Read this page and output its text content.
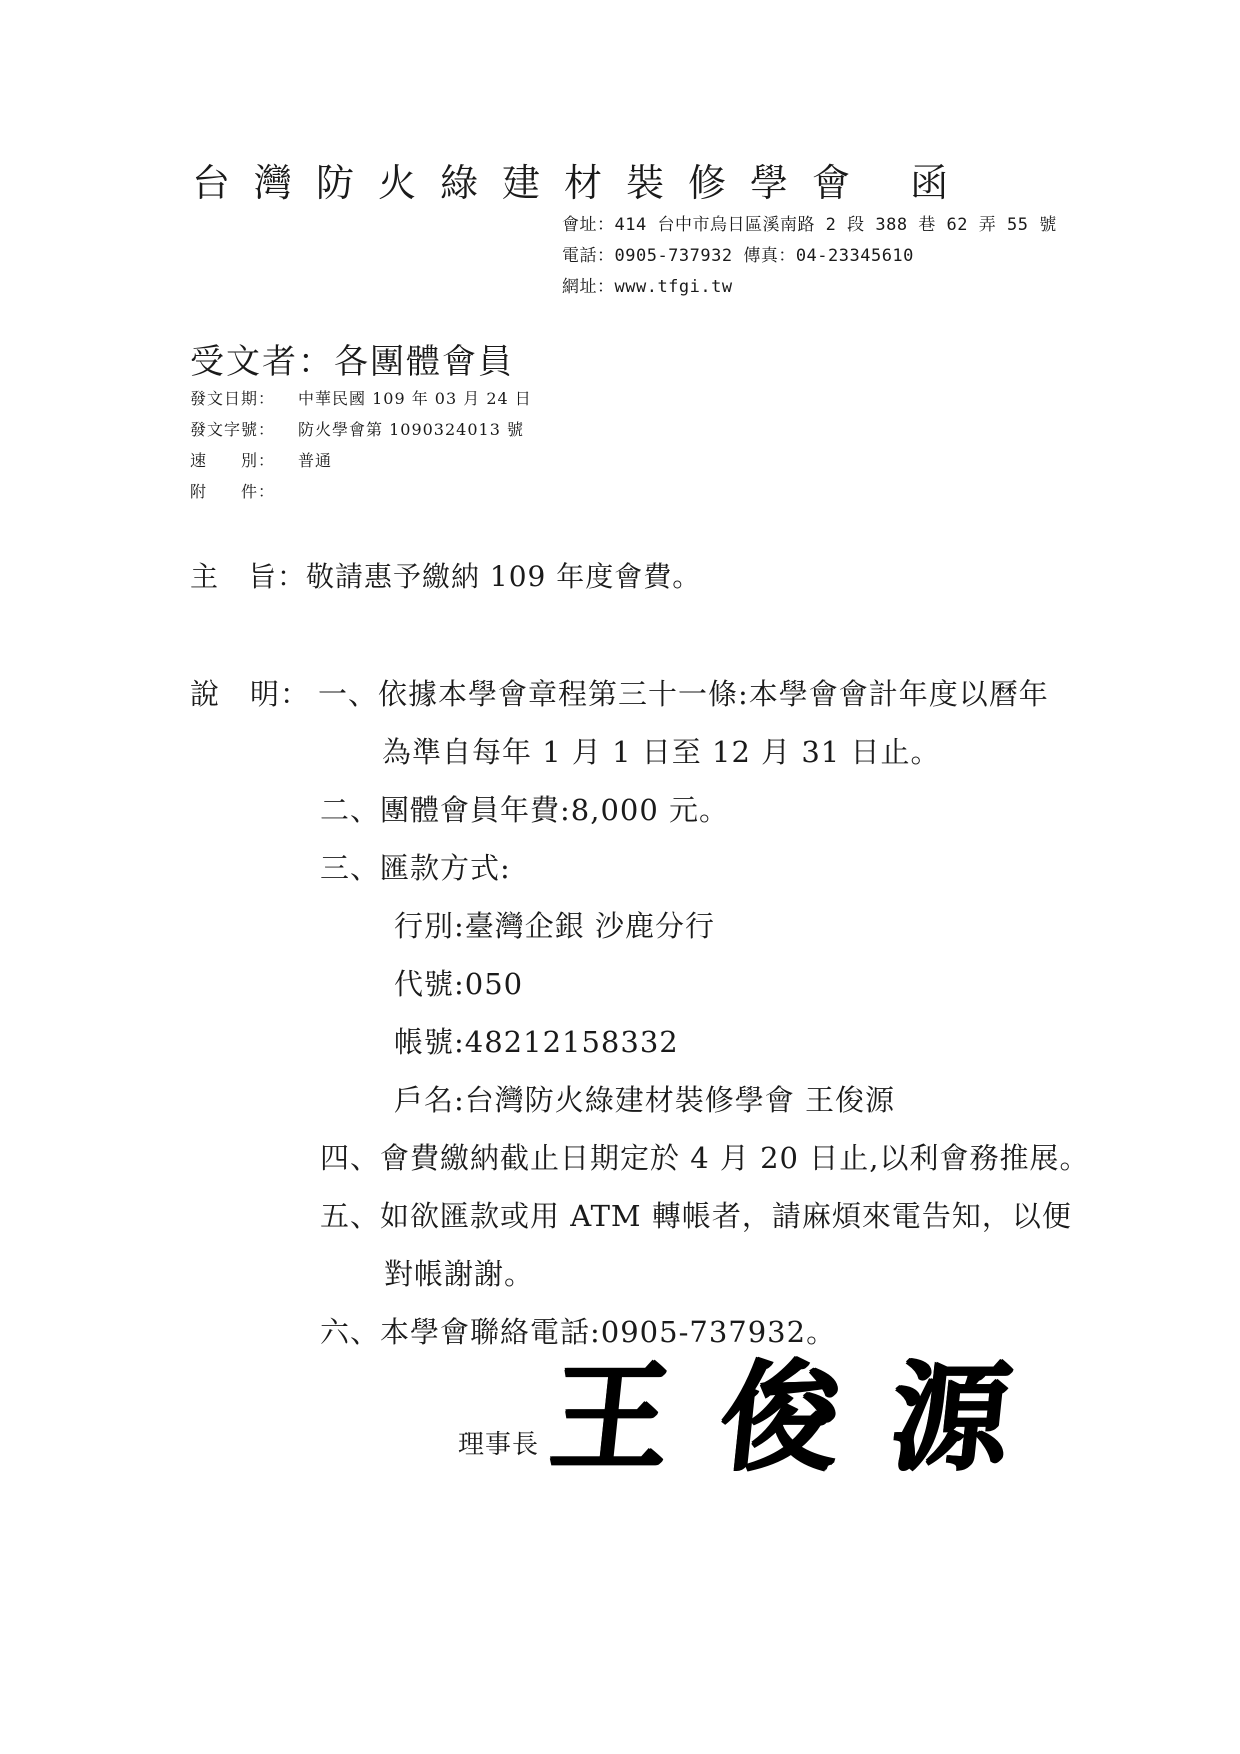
台灣防火綠建材裝修學會 函
會址：414 台中市烏日區溪南路 2 段 388 巷 62 弄 55 號
電話：0905-737932 傳真：04-23345610
網址：www.tfgi.tw
受文者：各團體會員
發文日期： 中華民國 109 年 03 月 24 日
發文字號： 防火學會第 1090324013 號
速　　別： 普通
附　　件：
主　旨：敬請惠予繳納 109 年度會費。
說　明： 一、依據本學會章程第三十一條:本學會會計年度以曆年
為準自每年 1 月 1 日至 12 月 31 日止。
二、團體會員年費:8,000 元。
三、匯款方式:
行別:臺灣企銀 沙鹿分行
代號:050
帳號:48212158332
戶名:台灣防火綠建材裝修學會 王俊源
四、會費繳納截止日期定於 4 月 20 日止,以利會務推展。
五、如欲匯款或用 ATM 轉帳者，請麻煩來電告知，以便
對帳謝謝。
六、本學會聯絡電話:0905-737932。
理事長 王俊源
